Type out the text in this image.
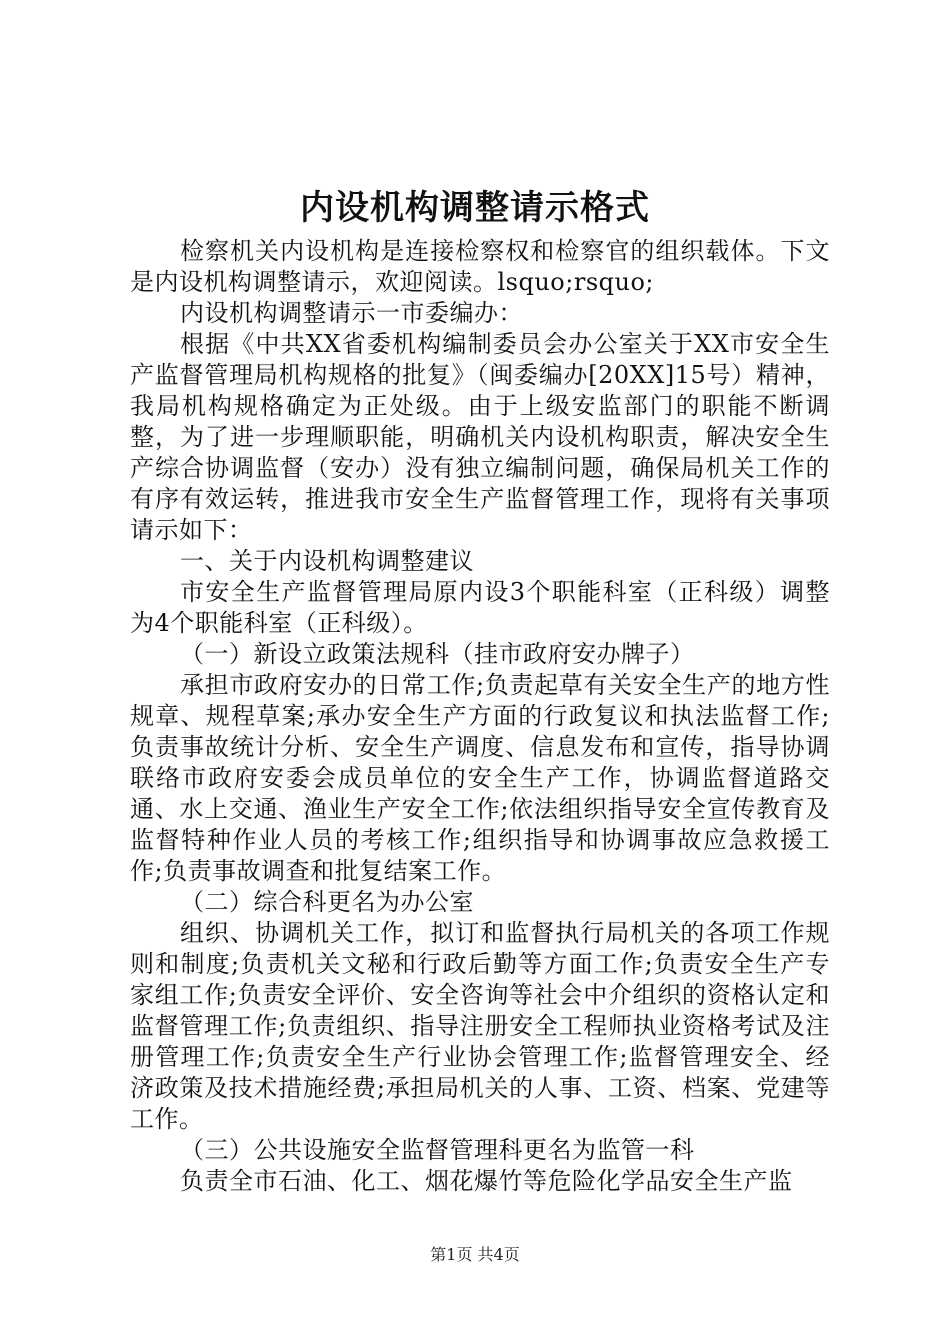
内设机构调整请示格式

检察机关内设机构是连接检察权和检察官的组织载体。下文是内设机构调整请示，欢迎阅读。lsquo;rsquo;

内设机构调整请示一市委编办：

根据《中共XX省委机构编制委员会办公室关于XX市安全生产监督管理局机构规格的批复》（闽委编办[20XX]15号）精神，我局机构规格确定为正处级。由于上级安监部门的职能不断调整，为了进一步理顺职能，明确机关内设机构职责，解决安全生产综合协调监督（安办）没有独立编制问题，确保局机关工作的有序有效运转，推进我市安全生产监督管理工作，现将有关事项请示如下：

一、关于内设机构调整建议

市安全生产监督管理局原内设3个职能科室（正科级）调整为4个职能科室（正科级）。

（一）新设立政策法规科（挂市政府安办牌子）

承担市政府安办的日常工作;负责起草有关安全生产的地方性规章、规程草案;承办安全生产方面的行政复议和执法监督工作;负责事故统计分析、安全生产调度、信息发布和宣传，指导协调联络市政府安委会成员单位的安全生产工作，协调监督道路交通、水上交通、渔业生产安全工作;依法组织指导安全宣传教育及监督特种作业人员的考核工作;组织指导和协调事故应急救援工作;负责事故调查和批复结案工作。

（二）综合科更名为办公室

组织、协调机关工作，拟订和监督执行局机关的各项工作规则和制度;负责机关文秘和行政后勤等方面工作;负责安全生产专家组工作;负责安全评价、安全咨询等社会中介组织的资格认定和监督管理工作;负责组织、指导注册安全工程师执业资格考试及注册管理工作;负责安全生产行业协会管理工作;监督管理安全、经济政策及技术措施经费;承担局机关的人事、工资、档案、党建等工作。

（三）公共设施安全监督管理科更名为监管一科

负责全市石油、化工、烟花爆竹等危险化学品安全生产监

第1页 共4页
